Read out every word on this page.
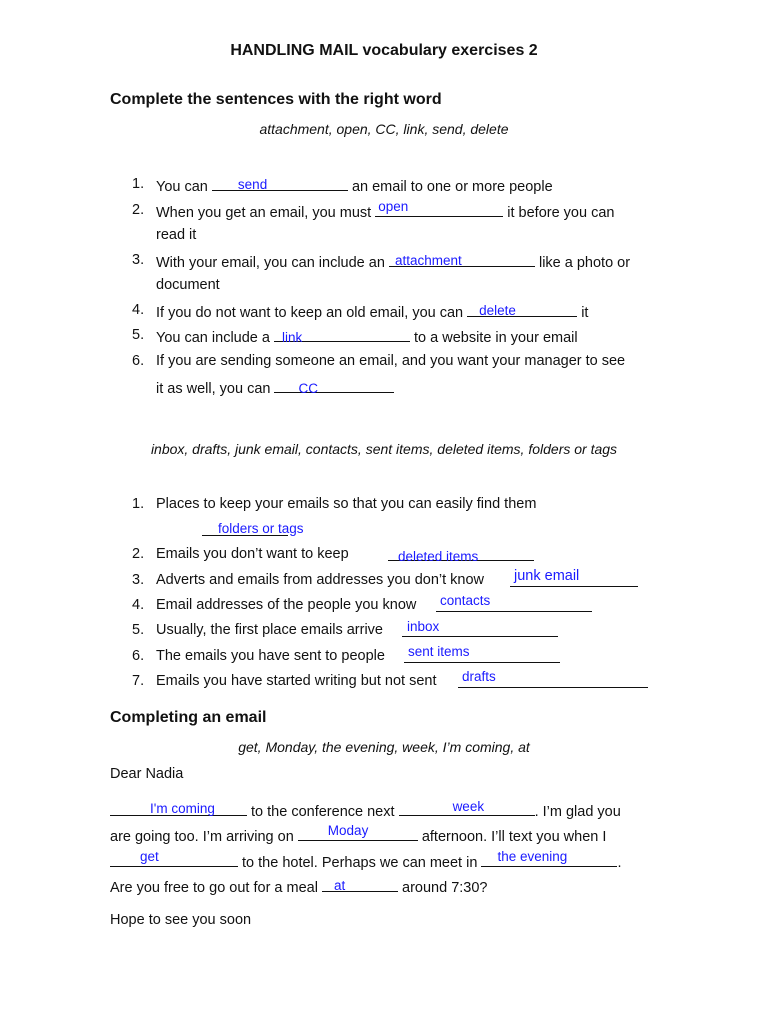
HANDLING MAIL vocabulary exercises 2
Complete the sentences with the right word
attachment, open, CC, link, send, delete
1. You can send	an email to one or more people
2. When you get an email, you must open	it before you can
read it
3. With your email, you can include an attachment	like a photo or
document
4. If you do not want to keep an old email, you can delete	it
5. You can include a link	to a website in your email
6. If you are sending someone an email, and you want your manager to see
it as well, you can CC
inbox, drafts, junk email, contacts, sent items, deleted items, folders or tags
1. Places to keep your emails so that you can easily find them
folders or tags
2. Emails you don’t want to keep	deleted items
3. Adverts and emails from addresses you don’t know junk email
4. Email addresses of the people you know contacts
5. Usually, the first place emails arrive inbox
6. The emails you have sent to people sent items
7. Emails you have started writing but not sent drafts
Completing an email
get, Monday, the evening, week, I’m coming, at
Dear Nadia
I'm coming to the conference next	week	. I’m glad you
are going too. I’m arriving on	Moday	afternoon. I’ll text you when I
get	to the hotel. Perhaps we can meet in the evening	.
Are you free to go out for a meal at	around 7:30?
Hope to see you soon
